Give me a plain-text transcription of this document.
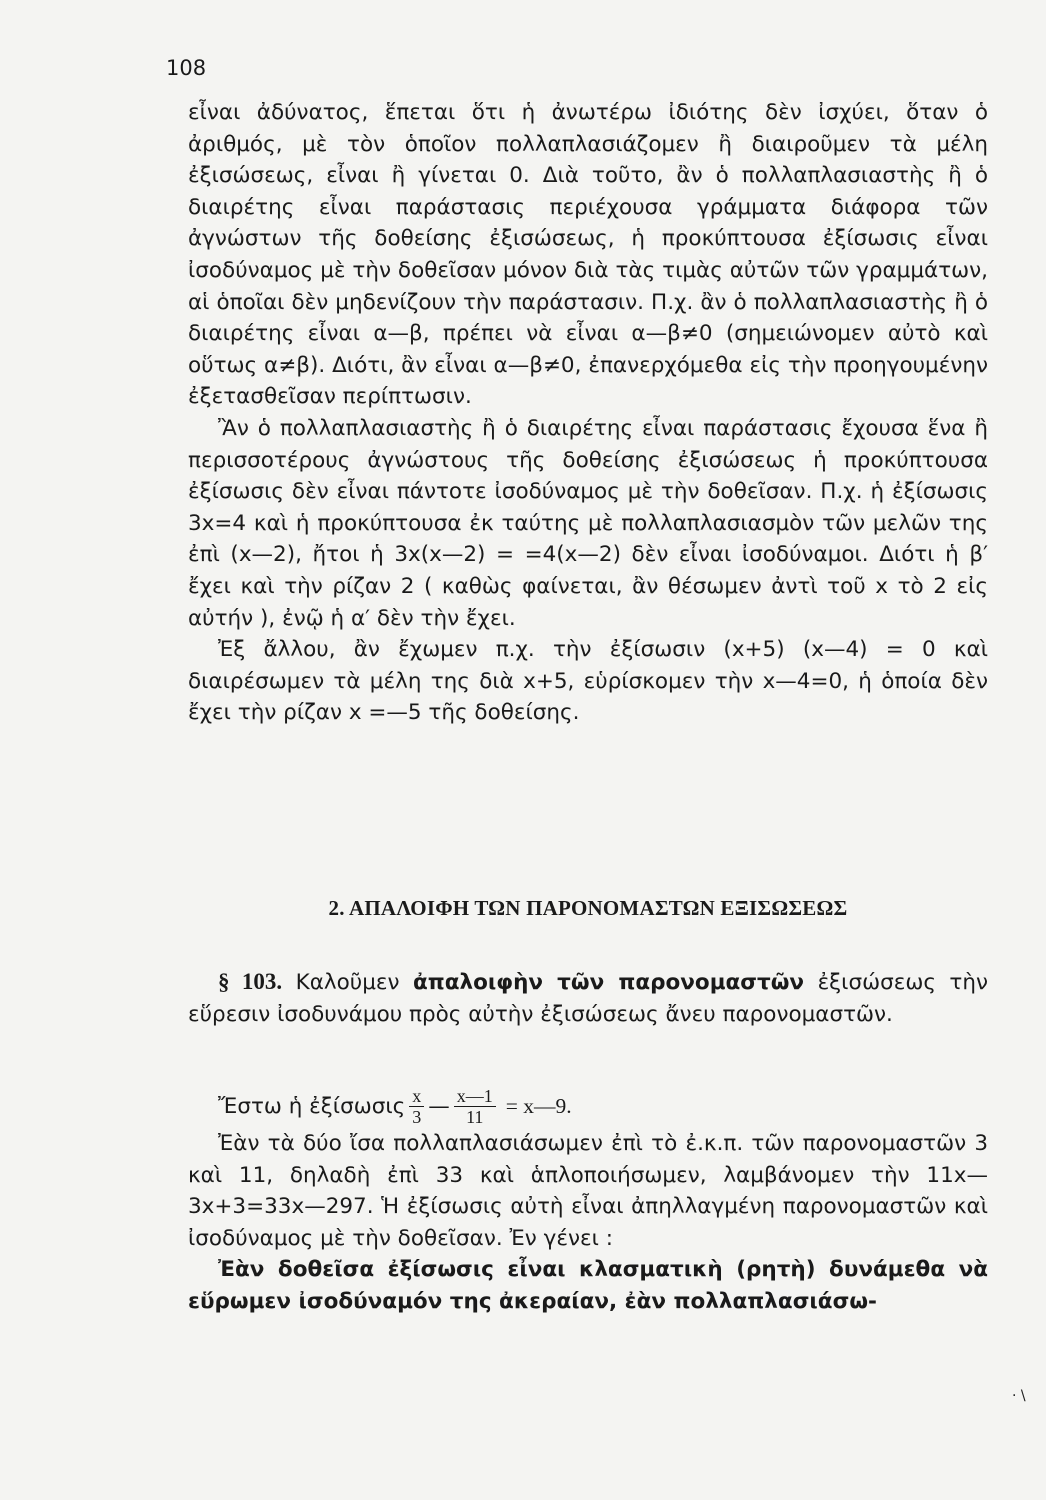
108

εἶναι ἀδύνατος, ἕπεται ὅτι ἡ ἀνωτέρω ἰδιότης δὲν ἰσχύει, ὅταν ὁ ἀριθμός, μὲ τὸν ὁποῖον πολλαπλασιάζομεν ἢ διαιροῦμεν τὰ μέλη ἐξισώσεως, εἶναι ἢ γίνεται 0. Διὰ τοῦτο, ἂν ὁ πολλαπλασιαστὴς ἢ ὁ διαιρέτης εἶναι παράστασις περιέχουσα γράμματα διάφορα τῶν ἀγνώστων τῆς δοθείσης ἐξισώσεως, ἡ προκύπτουσα ἐξίσωσις εἶναι ἰσοδύναμος μὲ τὴν δοθεῖσαν μόνον διὰ τὰς τιμὰς αὐτῶν τῶν γραμμάτων, αἱ ὁποῖαι δὲν μηδενίζουν τὴν παράστασιν. Π.χ. ἂν ὁ πολλαπλασιαστὴς ἢ ὁ διαιρέτης εἶναι α—β, πρέπει νὰ εἶναι α—β≠0 (σημειώνομεν αὐτὸ καὶ οὕτως α≠β). Διότι, ἂν εἶναι α—β≠0, ἐπανερχόμεθα εἰς τὴν προηγουμένην ἐξετασθεῖσαν περίπτωσιν.

Ἂν ὁ πολλαπλασιαστὴς ἢ ὁ διαιρέτης εἶναι παράστασις ἔχουσα ἕνα ἢ περισσοτέρους ἀγνώστους τῆς δοθείσης ἐξισώσεως ἡ προκύπτουσα ἐξίσωσις δὲν εἶναι πάντοτε ἰσοδύναμος μὲ τὴν δοθεῖσαν. Π.χ. ἡ ἐξίσωσις 3x=4 καὶ ἡ προκύπτουσα ἐκ ταύτης μὲ πολλαπλασιασμὸν τῶν μελῶν της ἐπὶ (x—2), ἤτοι ἡ 3x(x—2) = =4(x—2) δὲν εἶναι ἰσοδύναμοι. Διότι ἡ β′ ἔχει καὶ τὴν ρίζαν 2 ( καθὼς φαίνεται, ἂν θέσωμεν ἀντὶ τοῦ x τὸ 2 εἰς αὐτήν ), ἐνῷ ἡ α′ δὲν τὴν ἔχει.

Ἐξ ἄλλου, ἂν ἔχωμεν π.χ. τὴν ἐξίσωσιν (x+5) (x—4) = 0 καὶ διαιρέσωμεν τὰ μέλη της διὰ x+5, εὑρίσκομεν τὴν x—4=0, ἡ ὁποία δὲν ἔχει τὴν ρίζαν x =—5 τῆς δοθείσης.

2. ΑΠΑΛΟΙΦΗ ΤΩΝ ΠΑΡΟΝΟΜΑΣΤΩΝ ΕΞΙΣΩΣΕΩΣ

§ 103. Καλοῦμεν ἀπαλοιφὴν τῶν παρονομαστῶν ἐξισώσεως τὴν εὕρεσιν ἰσοδυνάμου πρὸς αὐτὴν ἐξισώσεως ἄνευ παρονομαστῶν.

Ἔστω ἡ ἐξίσωσις $\frac{x}{3}$ — $\frac{x—1}{11}$ = x—9.

Ἐὰν τὰ δύο ἴσα πολλαπλασιάσωμεν ἐπὶ τὸ ἐ.κ.π. τῶν παρονομαστῶν 3 καὶ 11, δηλαδὴ ἐπὶ 33 καὶ ἁπλοποιήσωμεν, λαμβάνομεν τὴν 11x—3x+3=33x—297. Ἡ ἐξίσωσις αὐτὴ εἶναι ἀπηλλαγμένη παρονομαστῶν καὶ ἰσοδύναμος μὲ τὴν δοθεῖσαν. Ἐν γένει :

Ἐὰν δοθεῖσα ἐξίσωσις εἶναι κλασματικὴ (ρητὴ) δυνάμεθα νὰ εὕρωμεν ἰσοδύναμόν της ἀκεραίαν, ἐὰν πολλαπλασιάσω-

· \
